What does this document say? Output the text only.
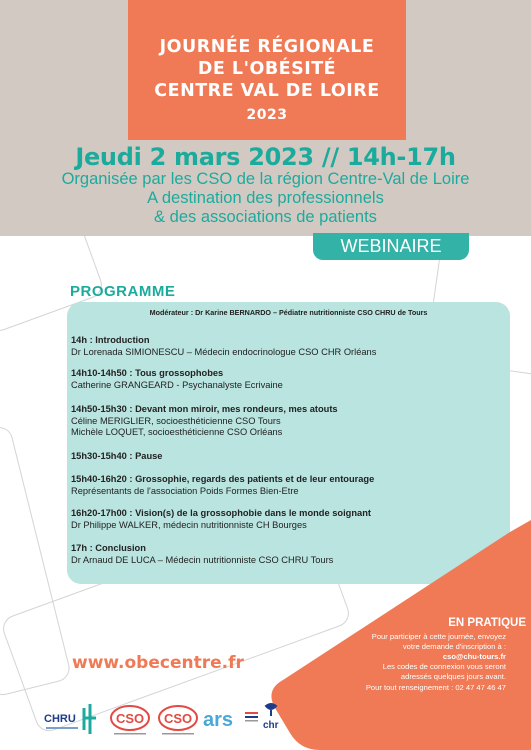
JOURNÉE RÉGIONALE
DE L'OBÉSITÉ
CENTRE VAL DE LOIRE
2023
Jeudi 2 mars 2023 // 14h-17h
Organisée par les CSO de la région Centre-Val de Loire
A destination des professionnels
& des associations de patients
WEBINAIRE
PROGRAMME
Modérateur : Dr Karine BERNARDO – Pédiatre nutritionniste CSO CHRU de Tours
14h : Introduction
Dr Lorenada SIMIONESCU – Médecin endocrinologue CSO CHR Orléans
14h10-14h50 : Tous grossophobes
Catherine GRANGEARD - Psychanalyste Ecrivaine
14h50-15h30 : Devant mon miroir, mes rondeurs, mes atouts
Céline MERIGLIER, socioesthéticienne CSO Tours
Michèle LOQUET, socioesthéticienne CSO Orléans
15h30-15h40 : Pause
15h40-16h20 : Grossophie, regards des patients et de leur entourage
Représentants de l'association Poids Formes Bien-Etre
16h20-17h00 : Vision(s) de la grossophobie dans le monde soignant
Dr Philippe WALKER, médecin nutritionniste CH Bourges
17h : Conclusion
Dr Arnaud DE LUCA – Médecin nutritionniste CSO CHRU Tours
www.obecentre.fr
EN PRATIQUE
Pour participer à cette journée, envoyez
votre demande d'inscription à :
cso@chu-tours.fr
Les codes de connexion vous seront
adressés quelques jours avant.
Pour tout renseignement : 02 47 47 46 47
CHRU	CSO CSO ars	chr
